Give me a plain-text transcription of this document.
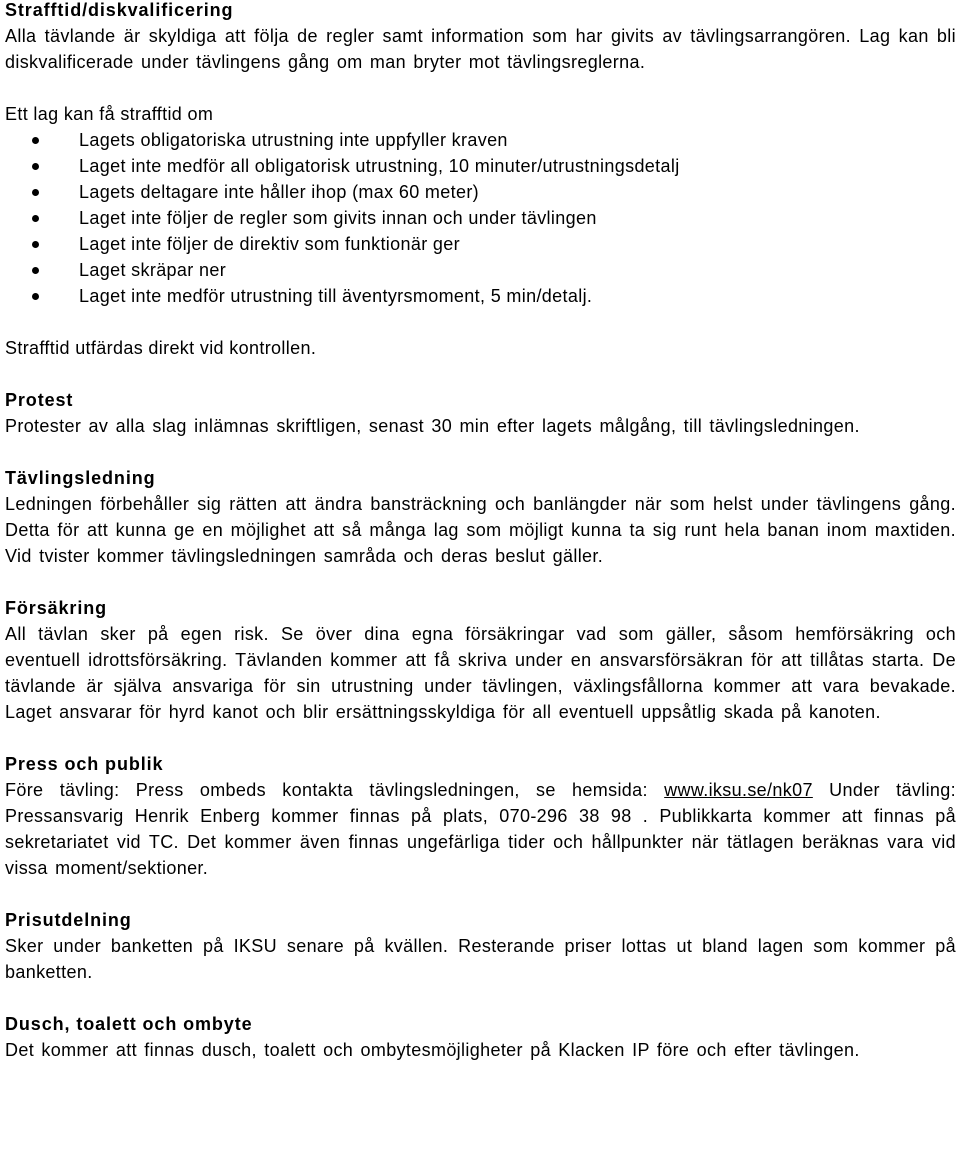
Strafftid/diskvalificering

Alla tävlande är skyldiga att följa de regler samt information som har givits av tävlingsarrangören. Lag kan bli diskvalificerade under tävlingens gång om man bryter mot tävlingsreglerna.

Ett lag kan få strafftid om

Lagets obligatoriska utrustning inte uppfyller kraven
Laget inte medför all obligatorisk utrustning, 10 minuter/utrustningsdetalj
Lagets deltagare inte håller ihop (max 60 meter)
Laget inte följer de regler som givits innan och under tävlingen
Laget inte följer de direktiv som funktionär ger
Laget skräpar ner
Laget inte medför utrustning till äventyrsmoment, 5 min/detalj.

Strafftid utfärdas direkt vid kontrollen.

Protest

Protester av alla slag inlämnas skriftligen, senast 30 min efter lagets målgång, till tävlingsledningen.

Tävlingsledning

Ledningen förbehåller sig rätten att ändra bansträckning och banlängder när som helst under tävlingens gång. Detta för att kunna ge en möjlighet att så många lag som möjligt kunna ta sig runt hela banan inom maxtiden. Vid tvister kommer tävlingsledningen samråda och deras beslut gäller.

Försäkring

All tävlan sker på egen risk. Se över dina egna försäkringar vad som gäller, såsom hemförsäkring och eventuell idrottsförsäkring. Tävlanden kommer att få skriva under en ansvarsförsäkran för att tillåtas starta. De tävlande är själva ansvariga för sin utrustning under tävlingen, växlingsfållorna kommer att vara bevakade. Laget ansvarar för hyrd kanot och blir ersättningsskyldiga för all eventuell uppsåtlig skada på kanoten.

Press och publik

Före tävling: Press ombeds kontakta tävlingsledningen, se hemsida: www.iksu.se/nk07 Under tävling: Pressansvarig Henrik Enberg kommer finnas på plats, 070-296 38 98 . Publikkarta kommer att finnas på sekretariatet vid TC. Det kommer även finnas ungefärliga tider och hållpunkter när tätlagen beräknas vara vid vissa moment/sektioner.

Prisutdelning

Sker under banketten på IKSU senare på kvällen. Resterande priser lottas ut bland lagen som kommer på banketten.

Dusch, toalett och ombyte

Det kommer att finnas dusch, toalett och ombytesmöjligheter på Klacken IP före och efter tävlingen.
